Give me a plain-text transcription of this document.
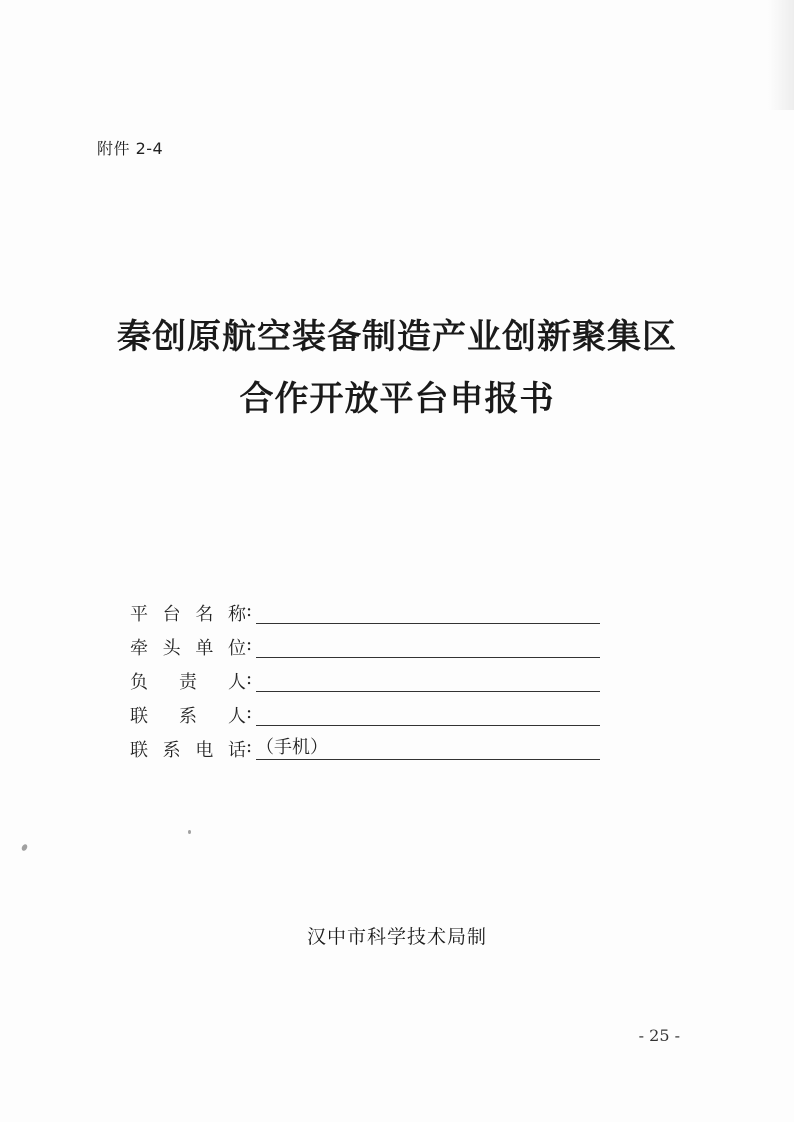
附件 2-4
秦创原航空装备制造产业创新聚集区
合作开放平台申报书
平 台 名 称 :
牵 头 单 位 :
负 责 人 :
联 系 人 :
联 系 电 话 : （手机）
汉中市科学技术局制
- 25 -
